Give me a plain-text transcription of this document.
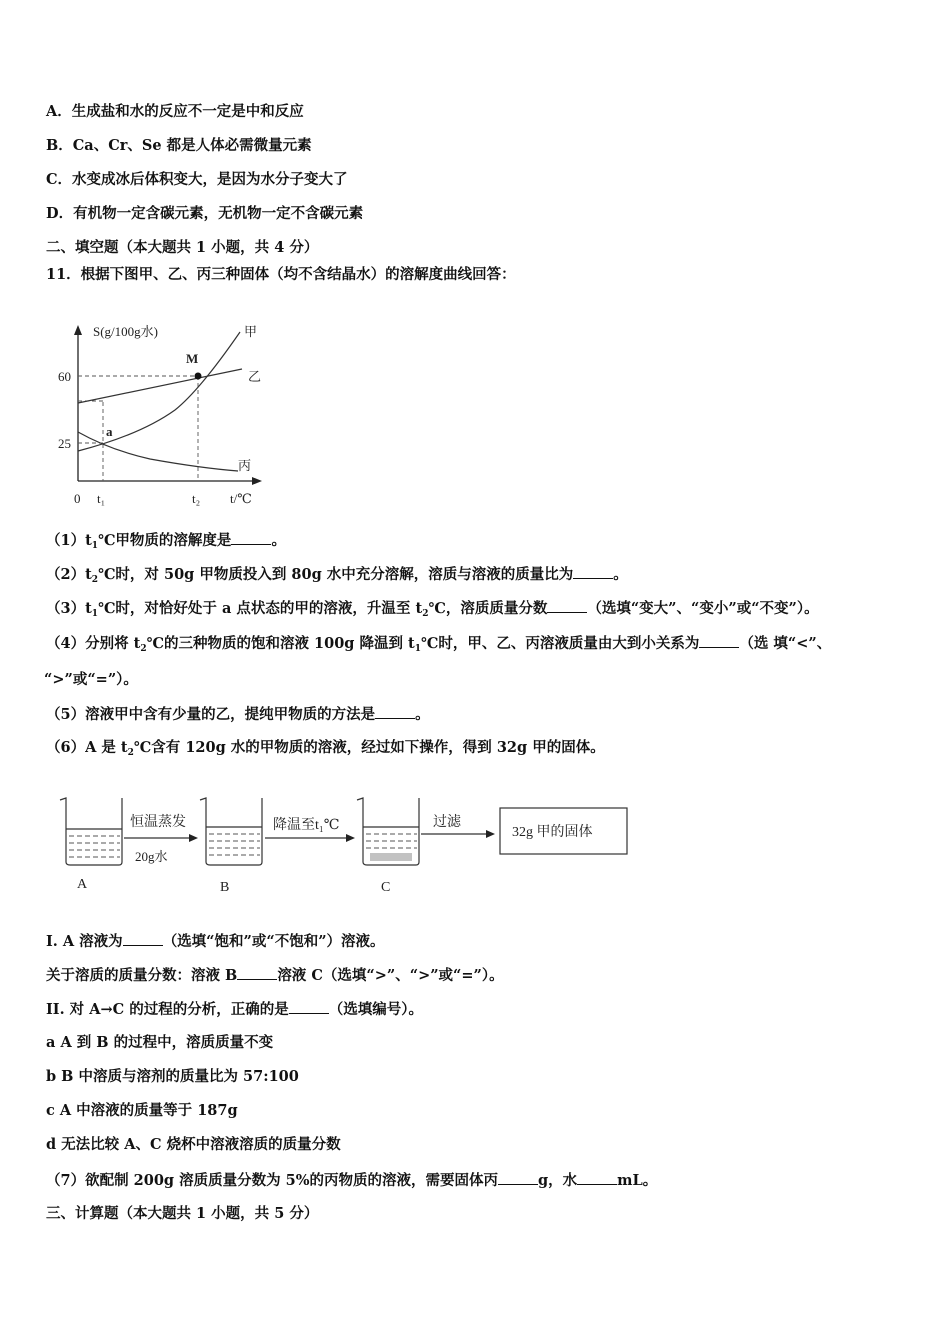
A．生成盐和水的反应不一定是中和反应
B．Ca、Cr、Se 都是人体必需微量元素
C．水变成冰后体积变大，是因为水分子变大了
D．有机物一定含碳元素，无机物一定不含碳元素
二、填空题（本大题共 1 小题，共 4 分）
11．根据下图甲、乙、丙三种固体（均不含结晶水）的溶解度曲线回答：
S(g/100g水)	甲
乙
丙
M
a
60
25
0 t₁	t₂ t/℃
$(1)t_1℃$甲物质的溶解度是	。
$(2)t_2℃$时，对 50g 甲物质投入到 80g 水中充分溶解，溶质与溶液的质量比为	。
$(3)t_1℃$时，对恰好处于 a 点状态的甲的溶液，升温至 $t_2℃$，溶质质量分数	（选填“变大”、“变小”或“不变”）。
（4）分别将 $t_2℃$的三种物质的饱和溶液 100g 降温到 $t_1℃$时，甲、乙、丙溶液质量由大到小关系为	（选 填“<”、
“>”或“=”）。
（5）溶液甲中含有少量的乙，提纯甲物质的方法是	。
（6）A 是 $t_2℃$含有 120g 水的甲物质的溶液，经过如下操作，得到 32g 甲的固体。
恒温蒸发
20g水
降温至t₁℃	过滤
32g 甲的固体
A	B	C
I. A 溶液为	（选填“饱和”或“不饱和”）溶液。
关于溶质的质量分数：溶液 B	溶液 C（选填“>”、“>”或“=”）。
II. 对 A→C 的过程的分析，正确的是	（选填编号）。
a A 到 B 的过程中，溶质质量不变
b B 中溶质与溶剂的质量比为 57:100
c A 中溶液的质量等于 187g
d 无法比较 A、C 烧杯中溶液溶质的质量分数
（7）欲配制 200g 溶质质量分数为 5%的丙物质的溶液，需要固体丙	g，水	mL。
三、计算题（本大题共 1 小题，共 5 分）
